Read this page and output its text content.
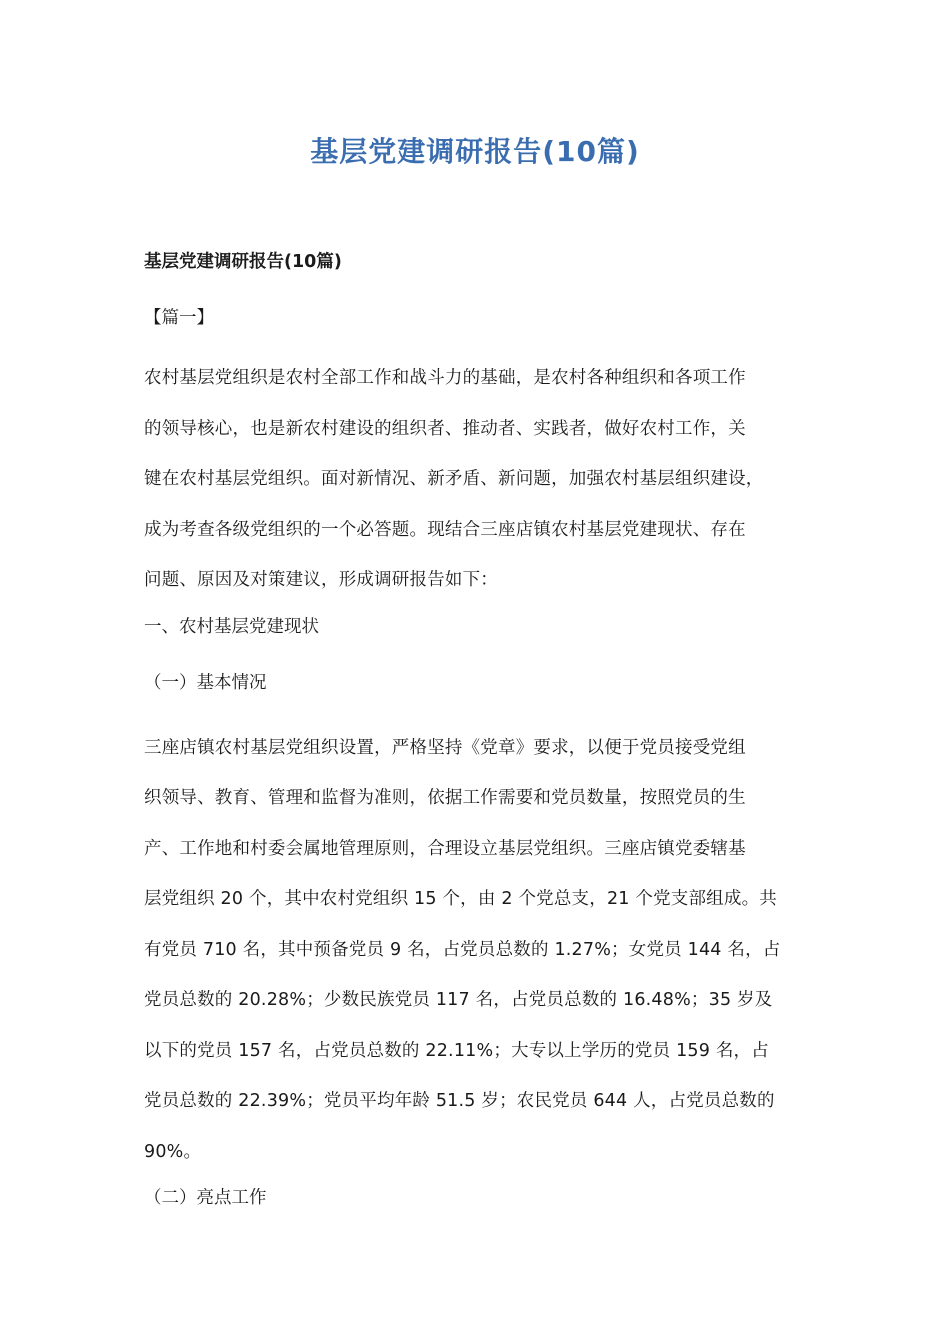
基层党建调研报告(10篇)

基层党建调研报告(10篇)

【篇一】

农村基层党组织是农村全部工作和战斗力的基础，是农村各种组织和各项工作
的领导核心，也是新农村建设的组织者、推动者、实践者，做好农村工作，关
键在农村基层党组织。面对新情况、新矛盾、新问题，加强农村基层组织建设，
成为考查各级党组织的一个必答题。现结合三座店镇农村基层党建现状、存在
问题、原因及对策建议，形成调研报告如下：

一、农村基层党建现状

（一）基本情况

三座店镇农村基层党组织设置，严格坚持《党章》要求，以便于党员接受党组
织领导、教育、管理和监督为准则，依据工作需要和党员数量，按照党员的生
产、工作地和村委会属地管理原则，合理设立基层党组织。三座店镇党委辖基
层党组织 20 个，其中农村党组织 15 个，由 2 个党总支，21 个党支部组成。共
有党员 710 名，其中预备党员 9 名，占党员总数的 1.27%；女党员 144 名，占
党员总数的 20.28%；少数民族党员 117 名，占党员总数的 16.48%；35 岁及
以下的党员 157 名，占党员总数的 22.11%；大专以上学历的党员 159 名，占
党员总数的 22.39%；党员平均年龄 51.5 岁；农民党员 644 人，占党员总数的
90%。

（二）亮点工作
